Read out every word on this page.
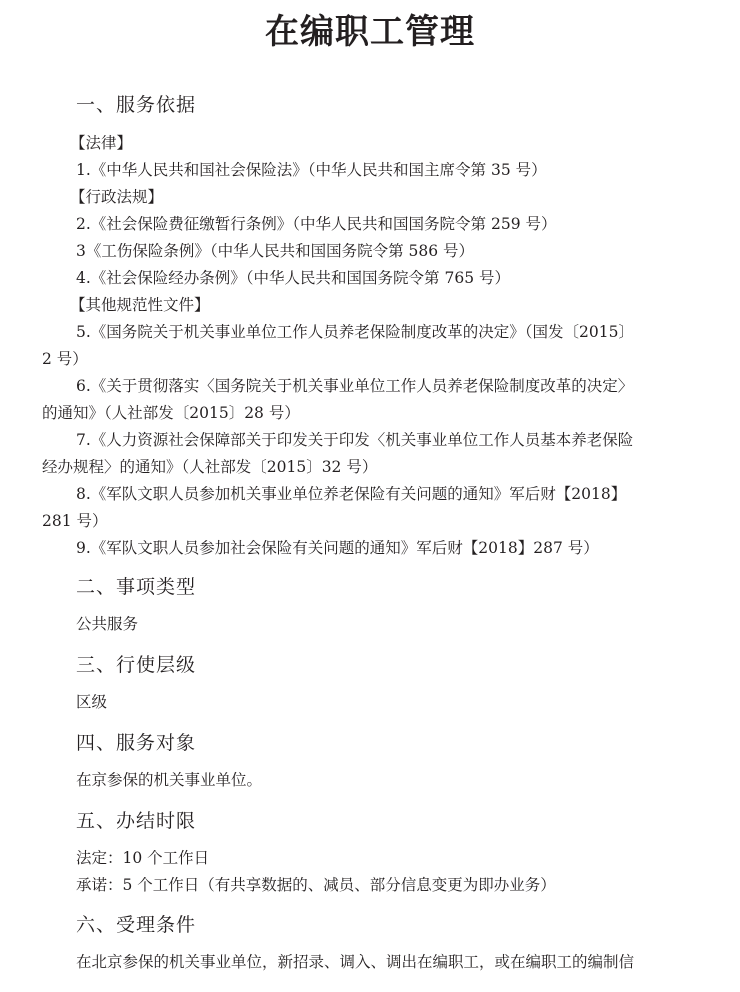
在编职工管理
一、服务依据
【法律】
1.《中华人民共和国社会保险法》（中华人民共和国主席令第 35 号）
【行政法规】
2.《社会保险费征缴暂行条例》（中华人民共和国国务院令第 259 号）
3《工伤保险条例》（中华人民共和国国务院令第 586 号）
4.《社会保险经办条例》（中华人民共和国国务院令第 765 号）
【其他规范性文件】
5.《国务院关于机关事业单位工作人员养老保险制度改革的决定》（国发〔2015〕
2 号）
6.《关于贯彻落实〈国务院关于机关事业单位工作人员养老保险制度改革的决定〉
的通知》（人社部发〔2015〕28 号）
7.《人力资源社会保障部关于印发关于印发〈机关事业单位工作人员基本养老保险
经办规程〉的通知》（人社部发〔2015〕32 号）
8.《军队文职人员参加机关事业单位养老保险有关问题的通知》军后财【2018】
281 号）
9.《军队文职人员参加社会保险有关问题的通知》军后财【2018】287 号）
二、事项类型
公共服务
三、行使层级
区级
四、服务对象
在京参保的机关事业单位。
五、办结时限
法定：10 个工作日
承诺：5 个工作日（有共享数据的、减员、部分信息变更为即办业务）
六、受理条件
在北京参保的机关事业单位，新招录、调入、调出在编职工，或在编职工的编制信
